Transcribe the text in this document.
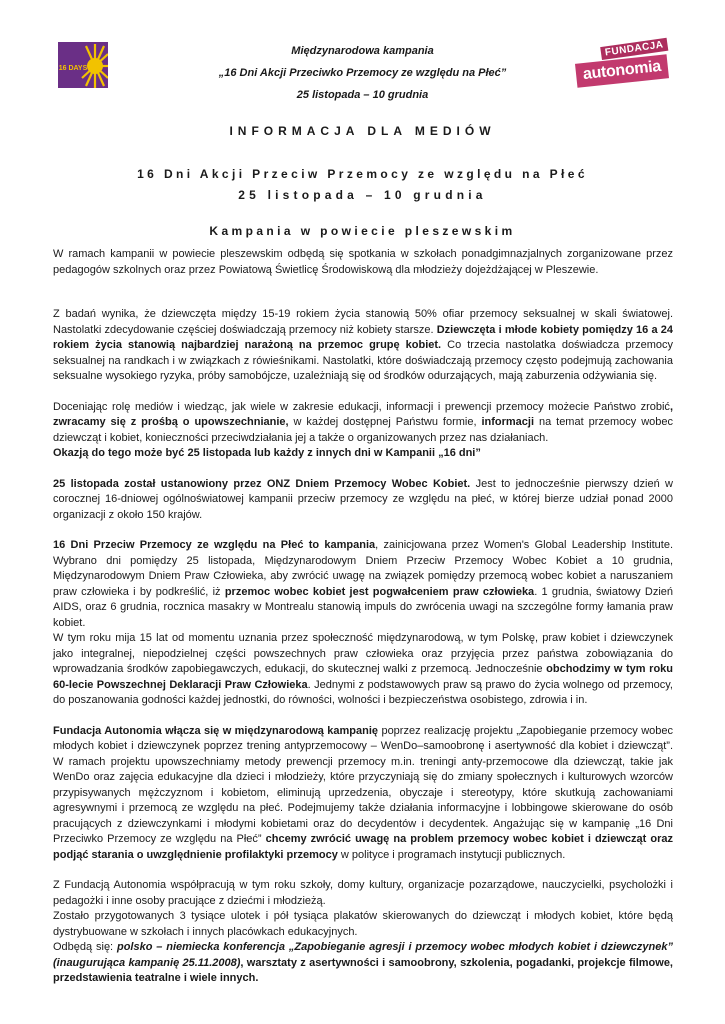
16 DAYS
Międzynarodowa kampania
„16 Dni Akcji Przeciwko Przemocy ze względu na Płeć”
25 listopada – 10 grudnia
FUNDACJA
autonomia
INFORMACJA DLA MEDIÓW
16 Dni Akcji Przeciw Przemocy ze względu na Płeć
25 listopada – 10 grudnia
Kampania w powiecie pleszewskim

W ramach kampanii w powiecie pleszewskim odbędą się spotkania w szkołach ponadgimnazjalnych zorganizowane przez pedagogów szkolnych oraz przez Powiatową Świetlicę Środowiskową dla młodzieży dojeżdżającej w Pleszewie.

Z badań wynika, że dziewczęta między 15-19 rokiem życia stanowią 50% ofiar przemocy seksualnej w skali światowej. Nastolatki zdecydowanie częściej doświadczają przemocy niż kobiety starsze. Dziewczęta i młode kobiety pomiędzy 16 a 24 rokiem życia stanowią najbardziej narażoną na przemoc grupę kobiet. Co trzecia nastolatka doświadcza przemocy seksualnej na randkach i w związkach z rówieśnikami. Nastolatki, które doświadczają przemocy często podejmują zachowania seksualne wysokiego ryzyka, próby samobójcze, uzależniają się od środków odurzających, mają zaburzenia odżywiania się.

Doceniając rolę mediów i wiedząc, jak wiele w zakresie edukacji, informacji i prewencji przemocy możecie Państwo zrobić, zwracamy się z prośbą o upowszechnianie, w każdej dostępnej Państwu formie, informacji na temat przemocy wobec dziewcząt i kobiet, konieczności przeciwdziałania jej a także o organizowanych przez nas działaniach.

Okazją do tego może być 25 listopada lub każdy z innych dni w Kampanii „16 dni”

25 listopada został ustanowiony przez ONZ Dniem Przemocy Wobec Kobiet. Jest to jednocześnie pierwszy dzień w corocznej 16-dniowej ogólnoświatowej kampanii przeciw przemocy ze względu na płeć, w której bierze udział ponad 2000 organizacji z około 150 krajów.

16 Dni Przeciw Przemocy ze względu na Płeć to kampania, zainicjowana przez Women's Global Leadership Institute. Wybrano dni pomiędzy 25 listopada, Międzynarodowym Dniem Przeciw Przemocy Wobec Kobiet a 10 grudnia, Międzynarodowym Dniem Praw Człowieka, aby zwrócić uwagę na związek pomiędzy przemocą wobec kobiet a naruszaniem praw człowieka i by podkreślić, iż przemoc wobec kobiet jest pogwałceniem praw człowieka. 1 grudnia, światowy Dzień AIDS, oraz 6 grudnia, rocznica masakry w Montrealu stanowią impuls do zwrócenia uwagi na szczególne formy łamania praw kobiet.

W tym roku mija 15 lat od momentu uznania przez społeczność międzynarodową, w tym Polskę, praw kobiet i dziewczynek jako integralnej, niepodzielnej części powszechnych praw człowieka oraz przyjęcia przez państwa zobowiązania do wprowadzania środków zapobiegawczych, edukacji, do skutecznej walki z przemocą. Jednocześnie obchodzimy w tym roku 60-lecie Powszechnej Deklaracji Praw Człowieka. Jednymi z podstawowych praw są prawo do życia wolnego od przemocy, do poszanowania godności każdej jednostki, do równości, wolności i bezpieczeństwa osobistego, zdrowia i in.

Fundacja Autonomia włącza się w międzynarodową kampanię poprzez realizację projektu „Zapobieganie przemocy wobec młodych kobiet i dziewczynek poprzez trening antyprzemocowy – WenDo–samoobronę i asertywność dla kobiet i dziewcząt”. W ramach projektu upowszechniamy metody prewencji przemocy m.in. treningi anty-przemocowe dla dziewcząt, takie jak WenDo oraz zajęcia edukacyjne dla dzieci i młodzieży, które przyczyniają się do zmiany społecznych i kulturowych wzorców przypisywanych mężczyznom i kobietom, eliminują uprzedzenia, obyczaje i stereotypy, które skutkują zachowaniami agresywnymi i przemocą ze względu na płeć. Podejmujemy także działania informacyjne i lobbingowe skierowane do osób pracujących z dziewczynkami i młodymi kobietami oraz do decydentów i decydentek. Angażując się w kampanię „16 Dni Przeciwko Przemocy ze względu na Płeć” chcemy zwrócić uwagę na problem przemocy wobec kobiet i dziewcząt oraz podjąć starania o uwzględnienie profilaktyki przemocy w polityce i programach instytucji publicznych.

Z Fundacją Autonomia współpracują w tym roku szkoły, domy kultury, organizacje pozarządowe, nauczycielki, psycholożki i pedagożki i inne osoby pracujące z dziećmi i młodzieżą.

Zostało przygotowanych 3 tysiące ulotek i pół tysiąca plakatów skierowanych do dziewcząt i młodych kobiet, które będą dystrybuowane w szkołach i innych placówkach edukacyjnych.

Odbędą się: polsko – niemiecka konferencja „Zapobieganie agresji i przemocy wobec młodych kobiet i dziewczynek” (inaugurująca kampanię 25.11.2008), warsztaty z asertywności i samoobrony, szkolenia, pogadanki, projekcje filmowe, przedstawienia teatralne i wiele innych.
